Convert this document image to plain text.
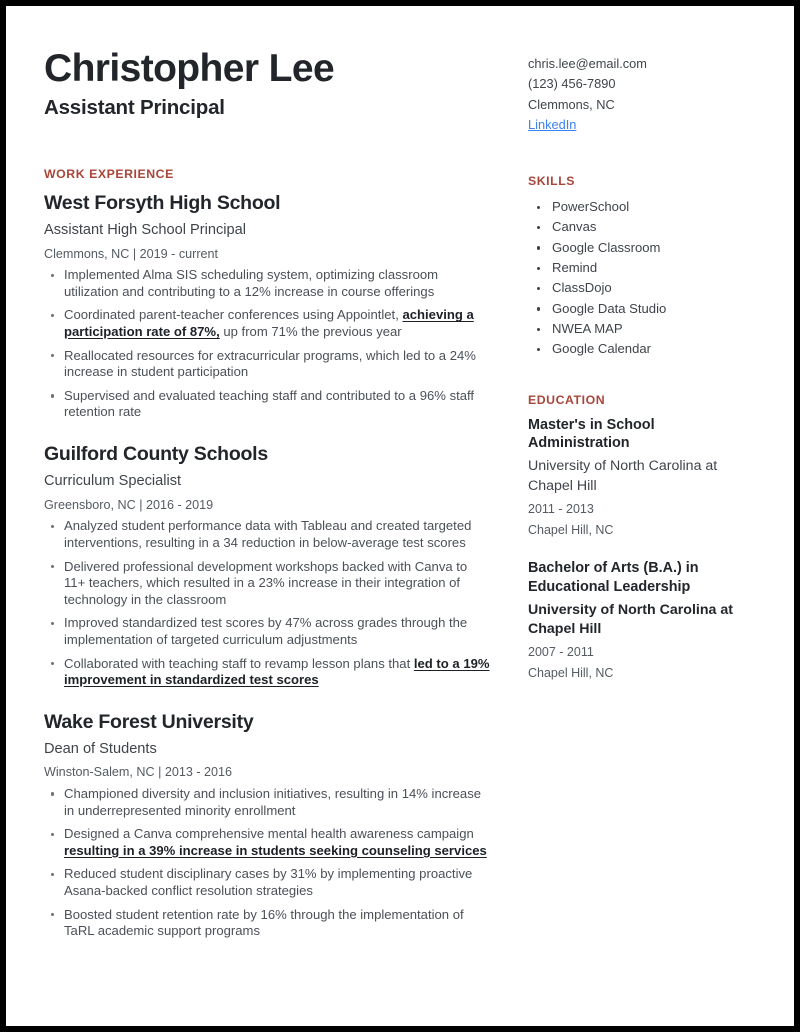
Christopher Lee
Assistant Principal
WORK EXPERIENCE
West Forsyth High School
Assistant High School Principal
Clemmons, NC | 2019 - current
Implemented Alma SIS scheduling system, optimizing classroom utilization and contributing to a 12% increase in course offerings
Coordinated parent-teacher conferences using Appointlet, achieving a participation rate of 87%, up from 71% the previous year
Reallocated resources for extracurricular programs, which led to a 24% increase in student participation
Supervised and evaluated teaching staff and contributed to a 96% staff retention rate
Guilford County Schools
Curriculum Specialist
Greensboro, NC | 2016 - 2019
Analyzed student performance data with Tableau and created targeted interventions, resulting in a 34 reduction in below-average test scores
Delivered professional development workshops backed with Canva to 11+ teachers, which resulted in a 23% increase in their integration of technology in the classroom
Improved standardized test scores by 47% across grades through the implementation of targeted curriculum adjustments
Collaborated with teaching staff to revamp lesson plans that led to a 19% improvement in standardized test scores
Wake Forest University
Dean of Students
Winston-Salem, NC | 2013 - 2016
Championed diversity and inclusion initiatives, resulting in 14% increase in underrepresented minority enrollment
Designed a Canva comprehensive mental health awareness campaign resulting in a 39% increase in students seeking counseling services
Reduced student disciplinary cases by 31% by implementing proactive Asana-backed conflict resolution strategies
Boosted student retention rate by 16% through the implementation of TaRL academic support programs
chris.lee@email.com
(123) 456-7890
Clemmons, NC
LinkedIn
SKILLS
PowerSchool
Canvas
Google Classroom
Remind
ClassDojo
Google Data Studio
NWEA MAP
Google Calendar
EDUCATION
Master's in School Administration
University of North Carolina at Chapel Hill
2011 - 2013
Chapel Hill, NC
Bachelor of Arts (B.A.) in Educational Leadership
University of North Carolina at Chapel Hill
2007 - 2011
Chapel Hill, NC
